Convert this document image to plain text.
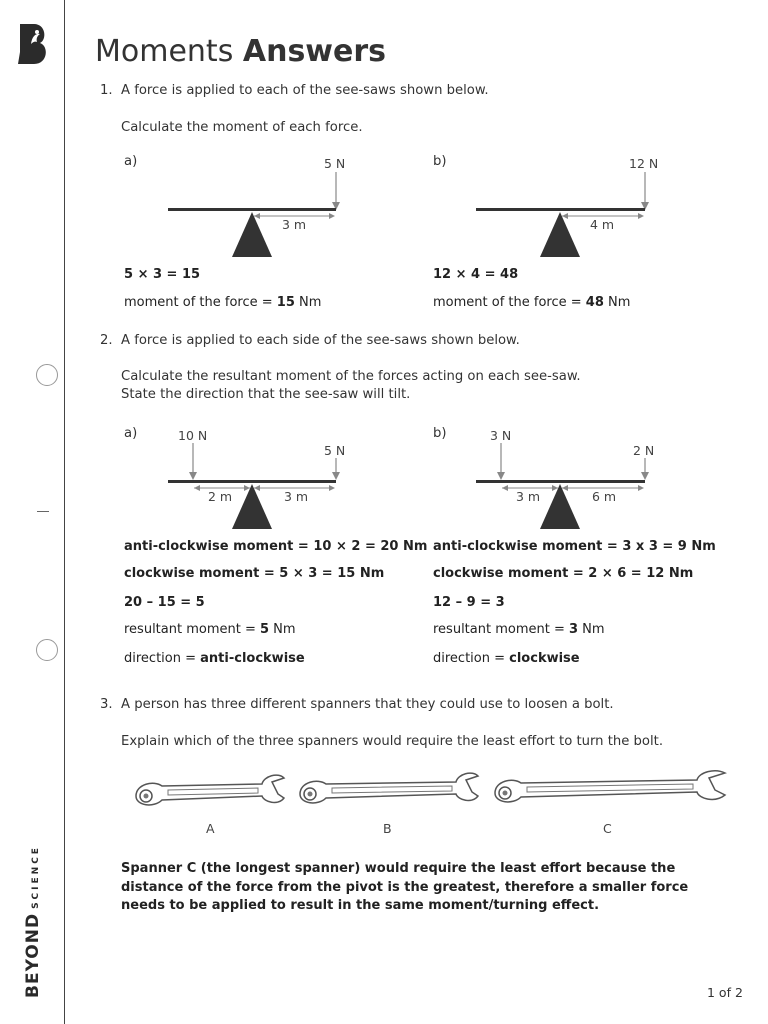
BEYONDSCIENCE
Moments Answers
1. A force is applied to each of the see-saws shown below.
Calculate the moment of each force.
a)	5 N
3 m
5 × 3 = 15
moment of the force = 15 Nm
b)	12 N
4 m
12 × 4 = 48
moment of the force = 48 Nm
2. A force is applied to each side of the see-saws shown below.
Calculate the resultant moment of the forces acting on each see-saw.
State the direction that the see-saw will tilt.
a)	10 N
5 N
2 m	3 m
anti-clockwise moment = 10 × 2 = 20 Nm
clockwise moment = 5 × 3 = 15 Nm
20 – 15 = 5
resultant moment = 5 Nm
direction = anti-clockwise
b)	3 N
2 N
3 m	6 m
anti-clockwise moment = 3 x 3 = 9 Nm
clockwise moment = 2 × 6 = 12 Nm
12 – 9 = 3
resultant moment = 3 Nm
direction = clockwise
3. A person has three different spanners that they could use to loosen a bolt.
Explain which of the three spanners would require the least effort to turn the bolt.
A	B	C
Spanner C (the longest spanner) would require the least effort because the distance of the force from the pivot is the greatest, therefore a smaller force needs to be applied to result in the same moment/turning effect.
1 of 2
